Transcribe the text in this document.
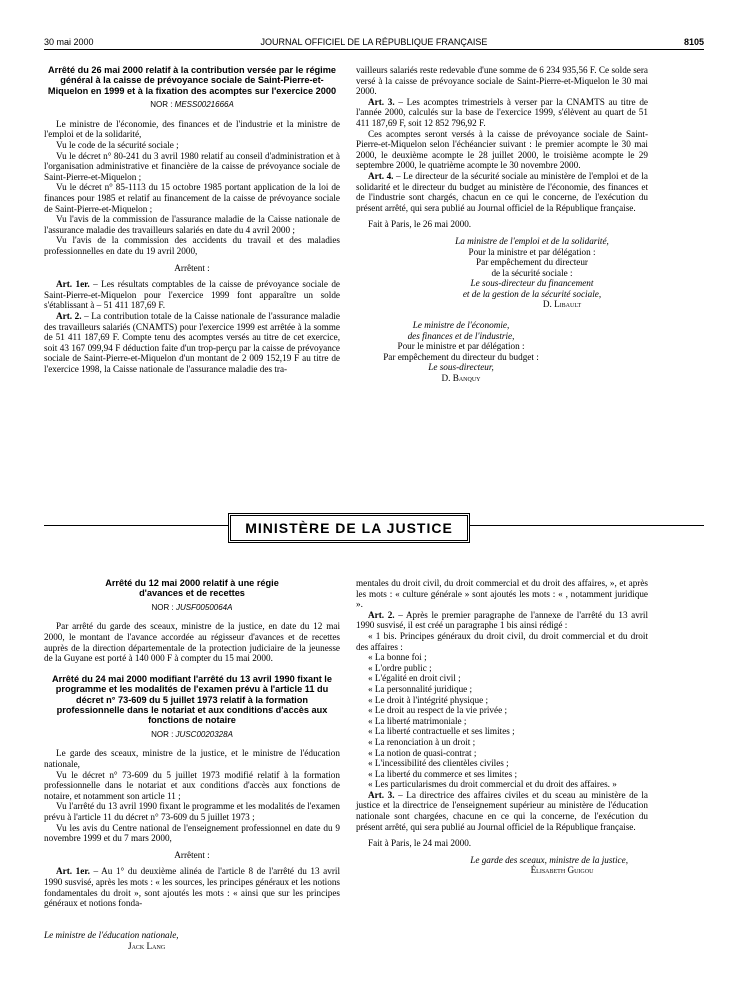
30 mai 2000	JOURNAL OFFICIEL DE LA RÉPUBLIQUE FRANÇAISE	8105
Arrêté du 26 mai 2000 relatif à la contribution versée par le régime général à la caisse de prévoyance sociale de Saint-Pierre-et-Miquelon en 1999 et à la fixation des acomptes sur l'exercice 2000
NOR : MESS0021666A

Le ministre de l'économie, des finances et de l'industrie et la ministre de l'emploi et de la solidarité,

Vu le code de la sécurité sociale ;

Vu le décret n° 80-241 du 3 avril 1980 relatif au conseil d'administration et à l'organisation administrative et financière de la caisse de prévoyance sociale de Saint-Pierre-et-Miquelon ;

Vu le décret n° 85-1113 du 15 octobre 1985 portant application de la loi de finances pour 1985 et relatif au financement de la caisse de prévoyance sociale de Saint-Pierre-et-Miquelon ;

Vu l'avis de la commission de l'assurance maladie de la Caisse nationale de l'assurance maladie des travailleurs salariés en date du 4 avril 2000 ;

Vu l'avis de la commission des accidents du travail et des maladies professionnelles en date du 19 avril 2000,

Arrêtent :

Art. 1er. – Les résultats comptables de la caisse de prévoyance sociale de Saint-Pierre-et-Miquelon pour l'exercice 1999 font apparaître un solde s'établissant à – 51 411 187,69 F.

Art. 2. – La contribution totale de la Caisse nationale de l'assurance maladie des travailleurs salariés (CNAMTS) pour l'exercice 1999 est arrêtée à la somme de 51 411 187,69 F. Compte tenu des acomptes versés au titre de cet exercice, soit 43 167 099,94 F déduction faite d'un trop-perçu par la caisse de prévoyance sociale de Saint-Pierre-et-Miquelon d'un montant de 2 009 152,19 F au titre de l'exercice 1998, la Caisse nationale de l'assurance maladie des tra-

vailleurs salariés reste redevable d'une somme de 6 234 935,56 F. Ce solde sera versé à la caisse de prévoyance sociale de Saint-Pierre-et-Miquelon le 30 mai 2000.

Art. 3. – Les acomptes trimestriels à verser par la CNAMTS au titre de l'année 2000, calculés sur la base de l'exercice 1999, s'élèvent au quart de 51 411 187,69 F, soit 12 852 796,92 F.

Ces acomptes seront versés à la caisse de prévoyance sociale de Saint-Pierre-et-Miquelon selon l'échéancier suivant : le premier acompte le 30 mai 2000, le deuxième acompte le 28 juillet 2000, le troisième acompte le 29 septembre 2000, le quatrième acompte le 30 novembre 2000.

Art. 4. – Le directeur de la sécurité sociale au ministère de l'emploi et de la solidarité et le directeur du budget au ministère de l'économie, des finances et de l'industrie sont chargés, chacun en ce qui le concerne, de l'exécution du présent arrêté, qui sera publié au Journal officiel de la République française.

Fait à Paris, le 26 mai 2000.

La ministre de l'emploi et de la solidarité,

Pour la ministre et par délégation :

Par empêchement du directeur

de la sécurité sociale :

Le sous-directeur du financement

et de la gestion de la sécurité sociale,

D. Libault

Le ministre de l'économie,

des finances et de l'industrie,

Pour le ministre et par délégation :

Par empêchement du directeur du budget :

Le sous-directeur,

D. Banquy

MINISTÈRE DE LA JUSTICE
Arrêté du 12 mai 2000 relatif à une régie d'avances et de recettes
NOR : JUSF0050064A

Par arrêté du garde des sceaux, ministre de la justice, en date du 12 mai 2000, le montant de l'avance accordée au régisseur d'avances et de recettes auprès de la direction départementale de la protection judiciaire de la jeunesse de la Guyane est porté à 140 000 F à compter du 15 mai 2000.

Arrêté du 24 mai 2000 modifiant l'arrêté du 13 avril 1990 fixant le programme et les modalités de l'examen prévu à l'article 11 du décret n° 73-609 du 5 juillet 1973 relatif à la formation professionnelle dans le notariat et aux conditions d'accès aux fonctions de notaire
NOR : JUSC0020328A

Le garde des sceaux, ministre de la justice, et le ministre de l'éducation nationale,

Vu le décret n° 73-609 du 5 juillet 1973 modifié relatif à la formation professionnelle dans le notariat et aux conditions d'accès aux fonctions de notaire, et notamment son article 11 ;

Vu l'arrêté du 13 avril 1990 fixant le programme et les modalités de l'examen prévu à l'article 11 du décret n° 73-609 du 5 juillet 1973 ;

Vu les avis du Centre national de l'enseignement professionnel en date du 9 novembre 1999 et du 7 mars 2000,

Arrêtent :

Art. 1er. – Au 1° du deuxième alinéa de l'article 8 de l'arrêté du 13 avril 1990 susvisé, après les mots : « les sources, les principes généraux et les notions fondamentales du droit », sont ajoutés les mots : « ainsi que sur les principes généraux et notions fonda-

mentales du droit civil, du droit commercial et du droit des affaires, », et après les mots : « culture générale » sont ajoutés les mots : « , notamment juridique ».

Art. 2. – Après le premier paragraphe de l'annexe de l'arrêté du 13 avril 1990 susvisé, il est créé un paragraphe 1 bis ainsi rédigé :

« 1 bis. Principes généraux du droit civil, du droit commercial et du droit des affaires :

« La bonne foi ;
« L'ordre public ;
« L'égalité en droit civil ;
« La personnalité juridique ;
« Le droit à l'intégrité physique ;
« Le droit au respect de la vie privée ;
« La liberté matrimoniale ;
« La liberté contractuelle et ses limites ;
« La renonciation à un droit ;
« La notion de quasi-contrat ;
« L'incessibilité des clientèles civiles ;
« La liberté du commerce et ses limites ;

« Les particularismes du droit commercial et du droit des affaires. »

Art. 3. – La directrice des affaires civiles et du sceau au ministère de la justice et la directrice de l'enseignement supérieur au ministère de l'éducation nationale sont chargées, chacune en ce qui la concerne, de l'exécution du présent arrêté, qui sera publié au Journal officiel de la République française.

Fait à Paris, le 24 mai 2000.

Le garde des sceaux, ministre de la justice,

Élisabeth Guigou

Le ministre de l'éducation nationale,

Jack Lang
